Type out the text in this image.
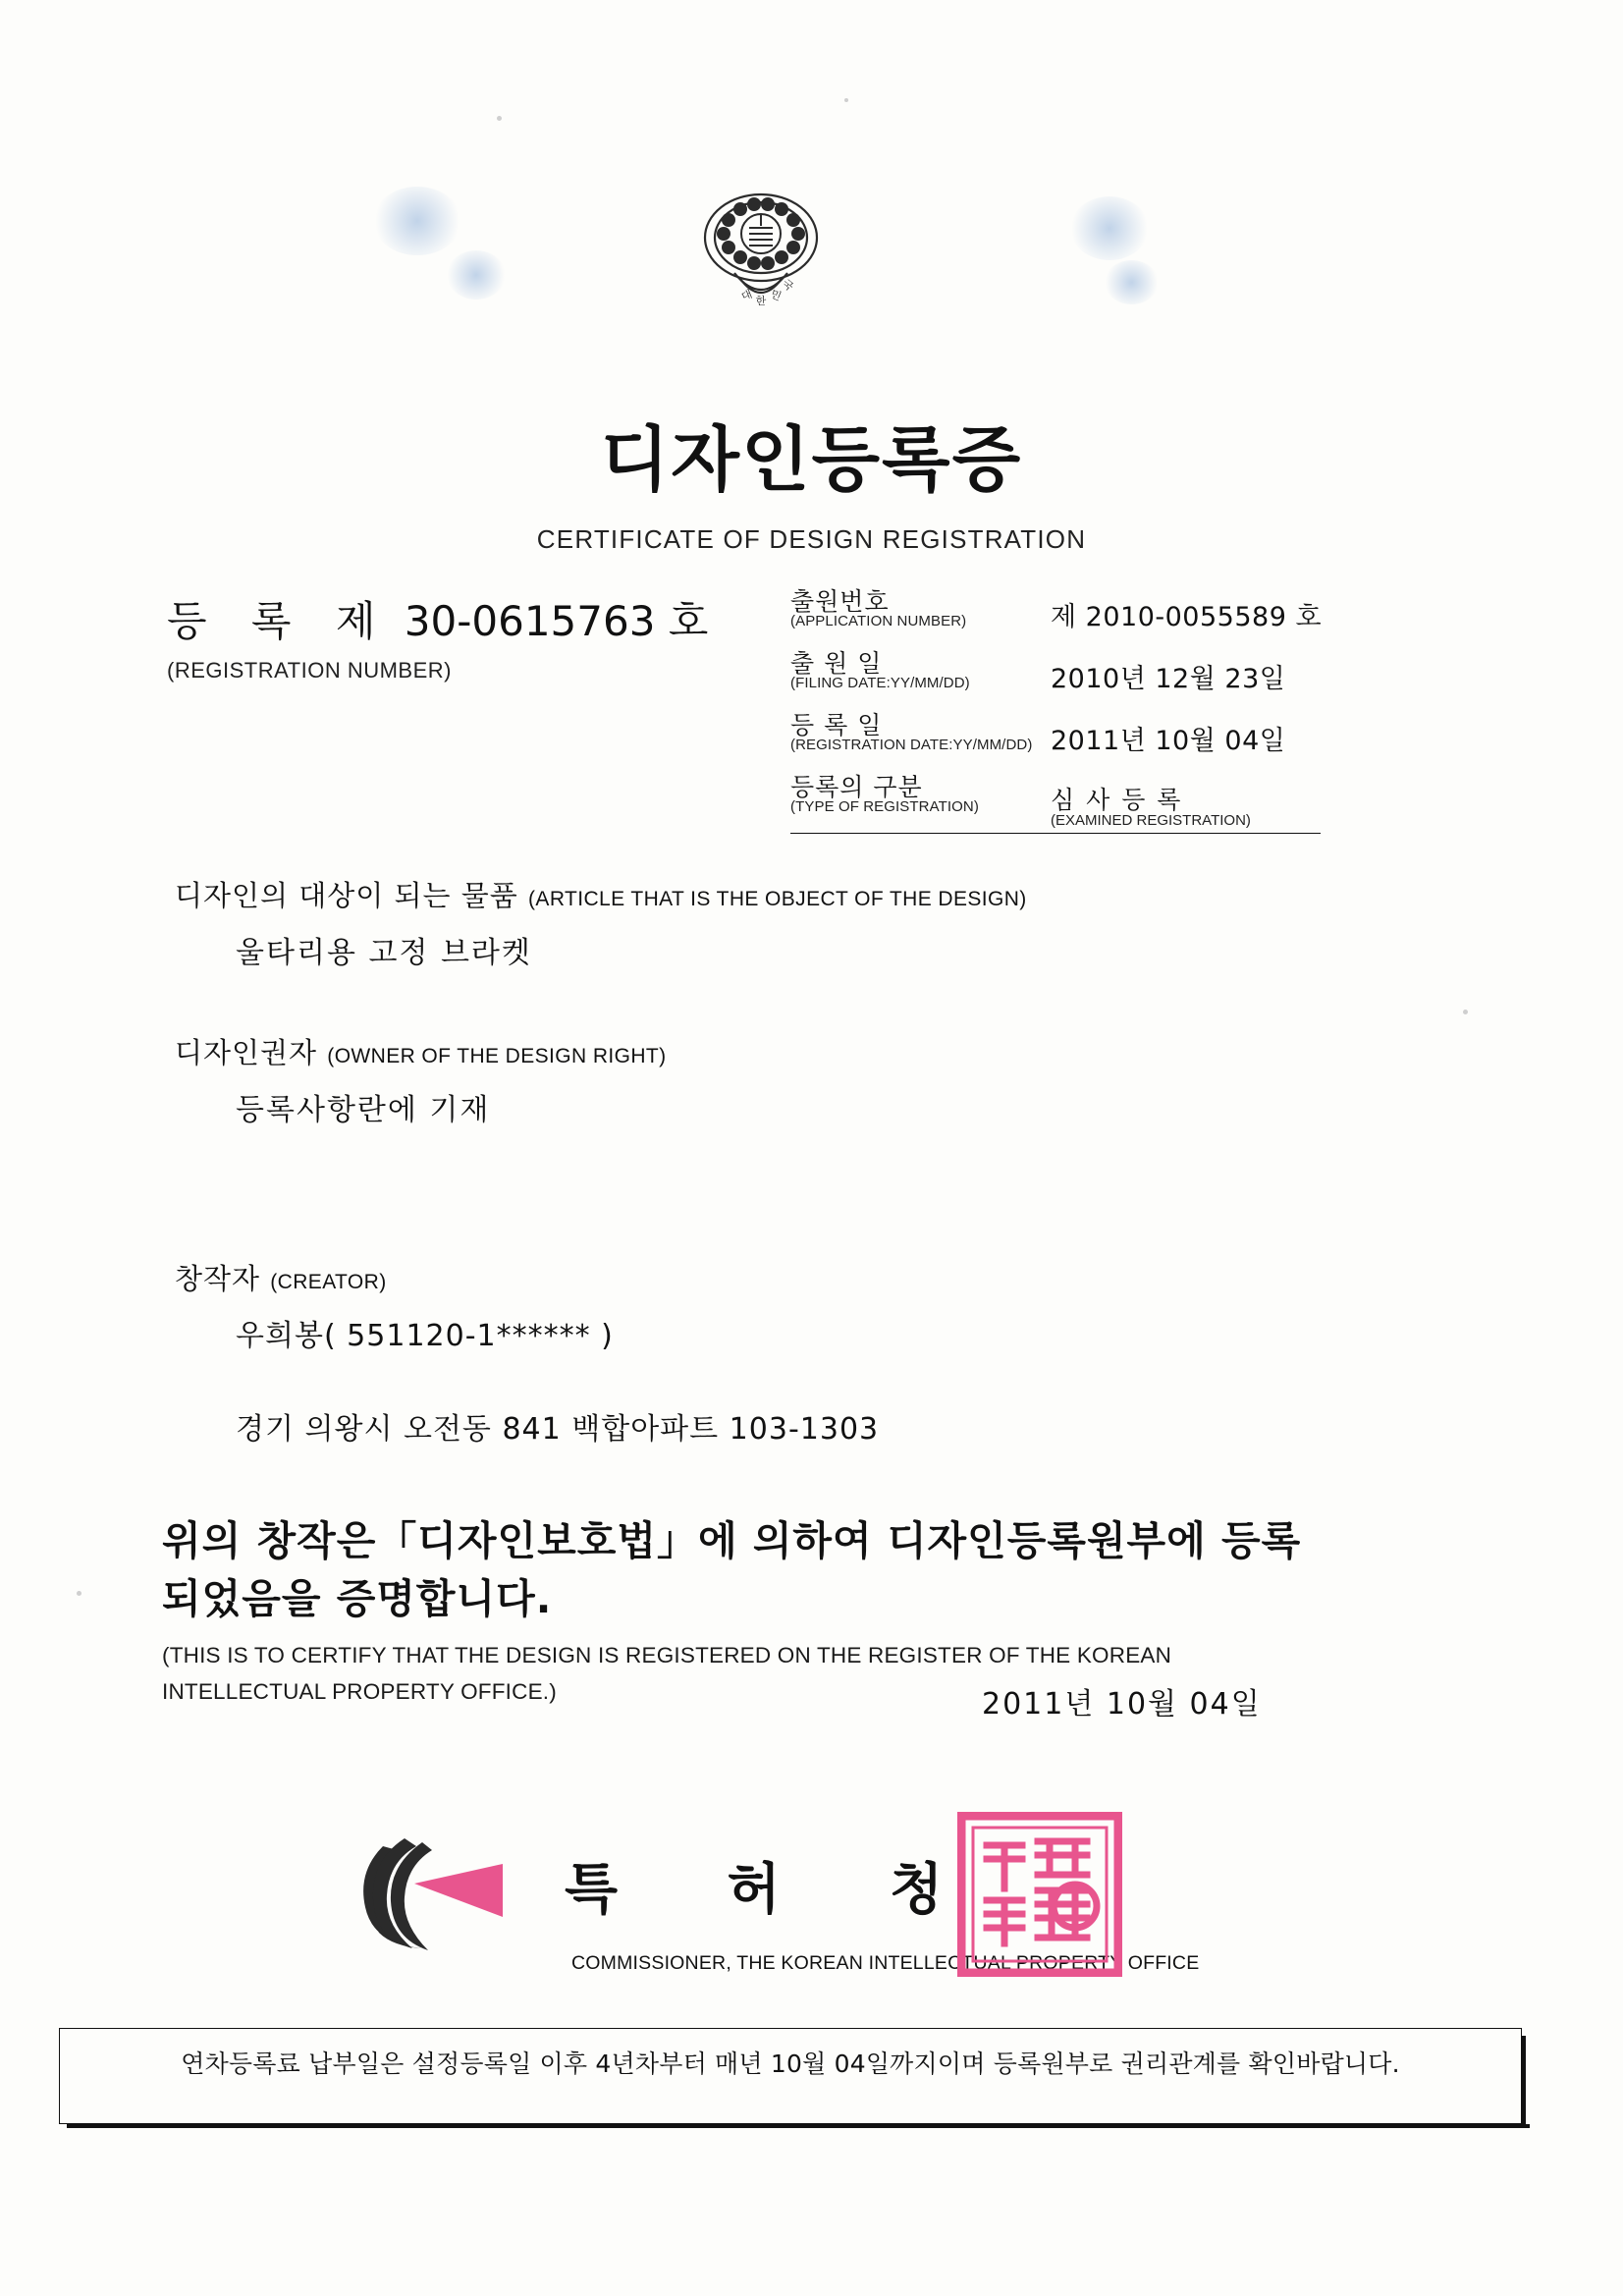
대 한 민
국
디자인등록증
CERTIFICATE OF DESIGN REGISTRATION
등 록 제 30-0615763 호
(REGISTRATION NUMBER)
출원번호
(APPLICATION NUMBER)	제 2010-0055589 호
출 원 일
(FILING DATE:YY/MM/DD)	2010년 12월 23일
등 록 일
(REGISTRATION DATE:YY/MM/DD) 2011년 10월 04일
등록의 구분
(TYPE OF REGISTRATION)	심 사 등 록
(EXAMINED REGISTRATION)
디자인의 대상이 되는 물품 (ARTICLE THAT IS THE OBJECT OF THE DESIGN)
울타리용 고정 브라켓
디자인권자 (OWNER OF THE DESIGN RIGHT)
등록사항란에 기재
창작자 (CREATOR)
우희봉( 551120-1****** )
경기 의왕시 오전동 841 백합아파트 103-1303
위의 창작은「디자인보호법」에 의하여 디자인등록원부에 등록
되었음을 증명합니다.
(THIS IS TO CERTIFY THAT THE DESIGN IS REGISTERED ON THE REGISTER OF THE KOREAN
INTELLECTUAL PROPERTY OFFICE.)	2011년 10월 04일
특 허 청
COMMISSIONER, THE KOREAN INTELLECTUAL PROPERTY OFFICE
연차등록료 납부일은 설정등록일 이후 4년차부터 매년 10월 04일까지이며 등록원부로 권리관계를 확인바랍니다.
